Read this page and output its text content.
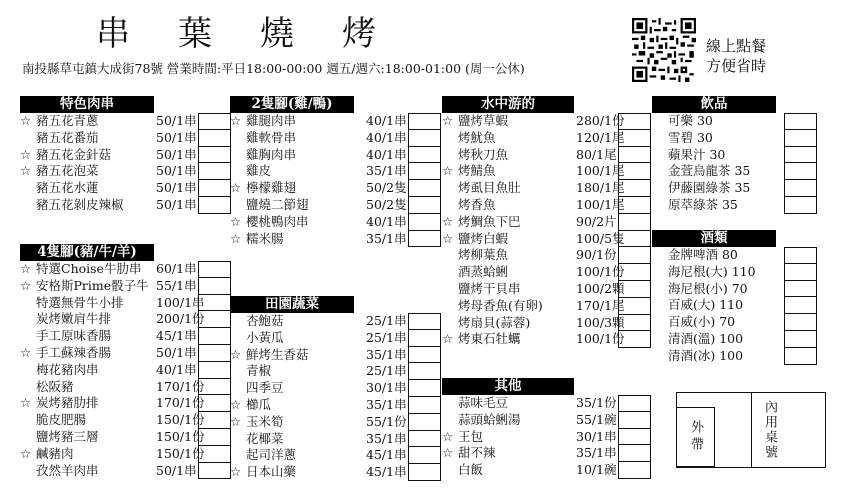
串葉燒烤
南投縣草屯鎮大成街78號 營業時間:平日18:00-00:00 週五/週六:18:00-01:00 (周一公休)
線上點餐
方便省時
特色肉串
☆ 豬五花青蔥	50/1串
豬五花番茄	50/1串
☆ 豬五花金針菇	50/1串
☆ 豬五花泡菜	50/1串
豬五花水蓮	50/1串
豬五花剝皮辣椒	50/1串
4隻腳(豬/牛/羊)
☆ 特選Choise牛肋串 60/1串
☆ 安格斯Prime骰子牛 55/1串
特選無骨牛小排	100/1串
炭烤嫩肩牛排	200/1份
手工原味香腸	45/1串
☆ 手工蘇辣香腸	50/1串
梅花豬肉串	40/1串
松阪豬	170/1份
☆ 炭烤豬肋排	170/1份
脆皮肥腸	150/1份
鹽烤豬三層	150/1份
☆ 鹹豬肉	150/1份
孜然羊肉串	50/1串
2隻腳(雞/鴨)
☆ 雞腿肉串	40/1串
雞軟骨串	40/1串
雞胸肉串	40/1串
雞皮	35/1串
☆ 檸檬雞翅	50/2隻
鹽燒二節翅	50/2隻
☆ 櫻桃鴨肉串	40/1串
☆ 糯米腸	35/1串
田園蔬菜
杏鮑菇	25/1串
小黃瓜	25/1串
☆ 鮮烤生香菇	35/1串
青椒	25/1串
四季豆	30/1串
☆ 櫛瓜	35/1串
☆ 玉米筍	55/1份
花椰菜	35/1串
起司洋蔥	45/1串
☆ 日本山藥	45/1串
水中游的
☆ 鹽烤草蝦	280/1份
烤魷魚	120/1尾
烤秋刀魚	80/1尾
☆ 烤鯖魚	100/1尾
烤虱目魚肚	180/1尾
烤香魚	100/1尾
☆ 烤鯛魚下巴	90/2片
☆ 鹽烤白蝦	100/5隻
烤柳葉魚	90/1份
酒蒸蛤蜊	100/1份
鹽烤干貝串	100/2顆
烤母香魚(有卵)	170/1尾
烤扇貝(蒜蓉)	100/3顆
☆ 烤東石牡蠣	100/1份
其他
蒜味毛豆	35/1份
蒜頭蛤蜊湯	55/1碗
☆ 王包	30/1串
☆ 甜不辣	35/1串
白飯	10/1碗
飲品
可樂 30
雪碧 30
蘋果汁 30
金萱烏龍茶 35
伊藤園綠茶 35
原萃綠茶 35
酒類
金牌啤酒 80
海尼根(大) 110
海尼根(小) 70
百威(大) 110
百威(小) 70
清酒(溫) 100
清酒(冰) 100
外帶	內用桌號
